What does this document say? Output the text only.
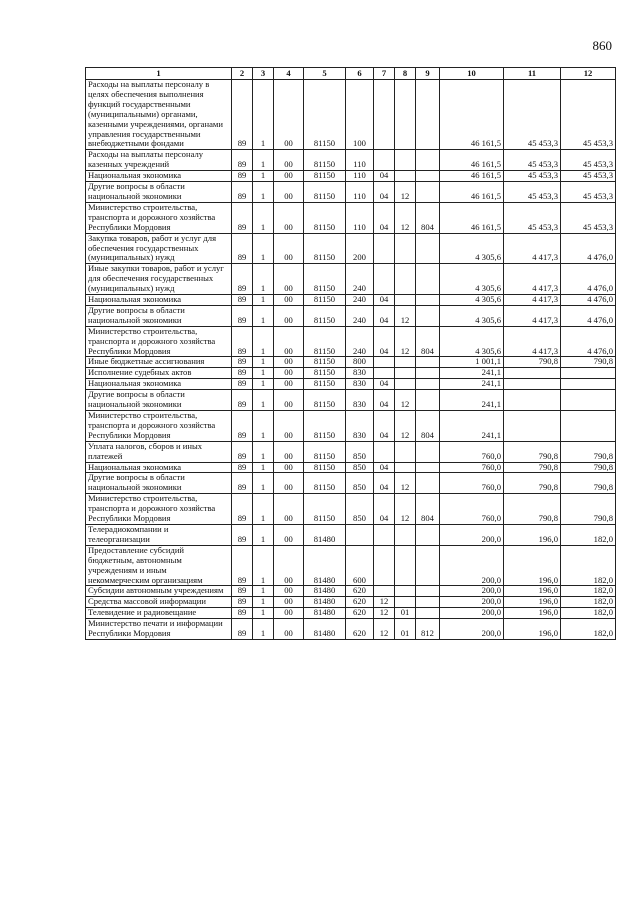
860
1	2	3	4	5	6	7	8	9	10	11	12
Расходы на выплаты персоналу в целях обеспечения выполнения функций государственными (муниципальными) органами, казенными учреждениями, органами управления государственными внебюджетными фондами	89	1	00	81150	100				46 161,5	45 453,3	45 453,3
Расходы на выплаты персоналу казенных учреждений	89	1	00	81150	110				46 161,5	45 453,3	45 453,3
Национальная экономика	89	1	00	81150	110	04			46 161,5	45 453,3	45 453,3
Другие вопросы в области национальной экономики	89	1	00	81150	110	04	12		46 161,5	45 453,3	45 453,3
Министерство строительства, транспорта и дорожного хозяйства Республики Мордовия	89	1	00	81150	110	04	12	804	46 161,5	45 453,3	45 453,3
Закупка товаров, работ и услуг для обеспечения государственных (муниципальных) нужд	89	1	00	81150	200				4 305,6	4 417,3	4 476,0
Иные закупки товаров, работ и услуг для обеспечения государственных (муниципальных) нужд	89	1	00	81150	240				4 305,6	4 417,3	4 476,0
Национальная экономика	89	1	00	81150	240	04			4 305,6	4 417,3	4 476,0
Другие вопросы в области национальной экономики	89	1	00	81150	240	04	12		4 305,6	4 417,3	4 476,0
Министерство строительства, транспорта и дорожного хозяйства Республики Мордовия	89	1	00	81150	240	04	12	804	4 305,6	4 417,3	4 476,0
Иные бюджетные ассигнования	89	1	00	81150	800				1 001,1	790,8	790,8
Исполнение судебных актов	89	1	00	81150	830				241,1		
Национальная экономика	89	1	00	81150	830	04			241,1		
Другие вопросы в области национальной экономики	89	1	00	81150	830	04	12		241,1		
Министерство строительства, транспорта и дорожного хозяйства Республики Мордовия	89	1	00	81150	830	04	12	804	241,1		
Уплата налогов, сборов и иных платежей	89	1	00	81150	850				760,0	790,8	790,8
Национальная экономика	89	1	00	81150	850	04			760,0	790,8	790,8
Другие вопросы в области национальной экономики	89	1	00	81150	850	04	12		760,0	790,8	790,8
Министерство строительства, транспорта и дорожного хозяйства Республики Мордовия	89	1	00	81150	850	04	12	804	760,0	790,8	790,8
Телерадиокомпании и телеорганизации	89	1	00	81480					200,0	196,0	182,0
Предоставление субсидий бюджетным, автономным учреждениям и иным некоммерческим организациям	89	1	00	81480	600				200,0	196,0	182,0
Субсидии автономным учреждениям	89	1	00	81480	620				200,0	196,0	182,0
Средства массовой информации	89	1	00	81480	620	12			200,0	196,0	182,0
Телевидение и радиовещание	89	1	00	81480	620	12	01		200,0	196,0	182,0
Министерство печати и информации Республики Мордовия	89	1	00	81480	620	12	01	812	200,0	196,0	182,0
